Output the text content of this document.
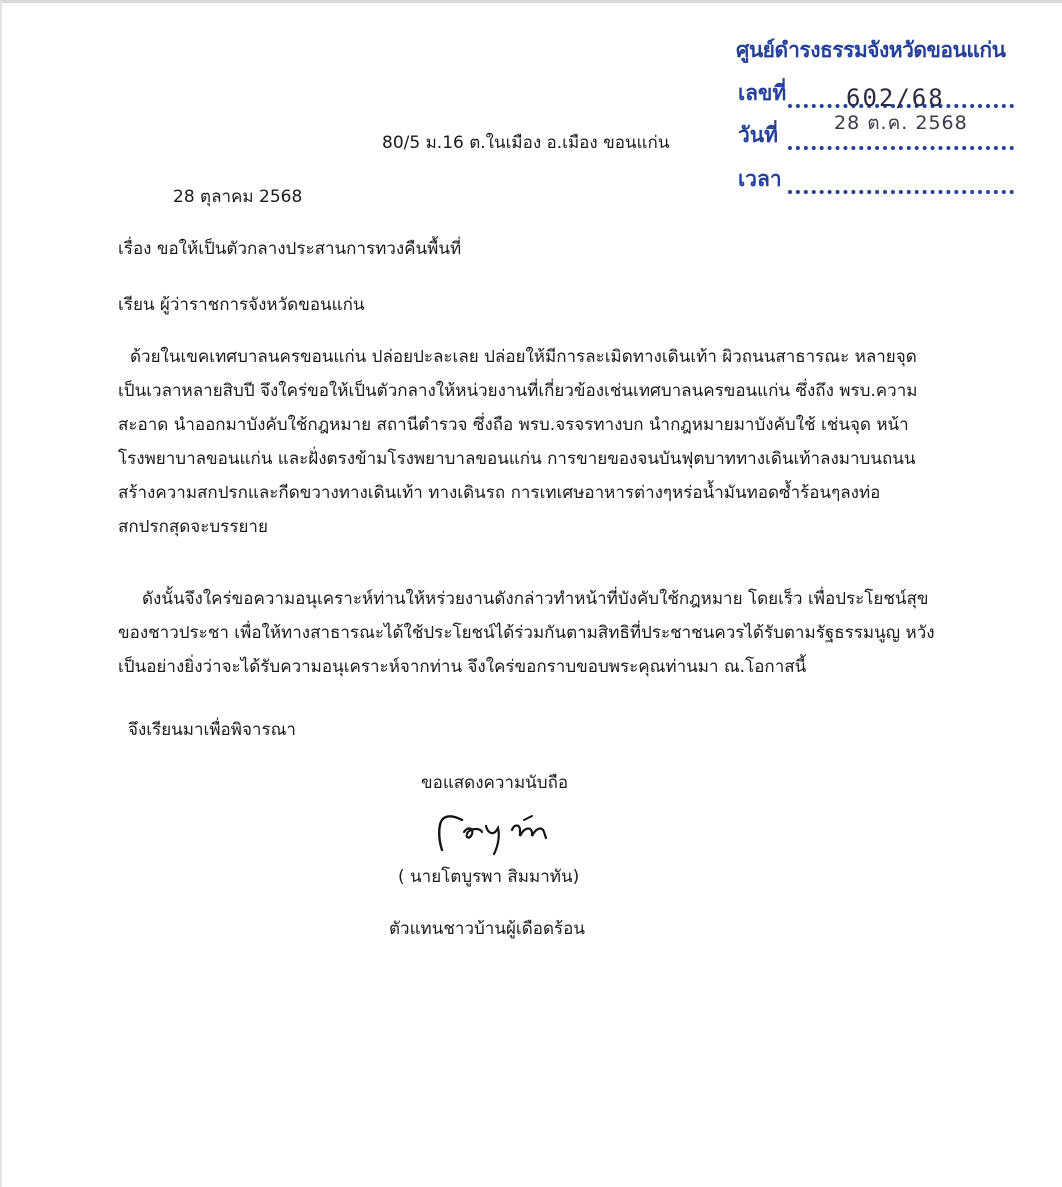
ศูนย์ดำรงธรรมจังหวัดขอนแก่น
เลขที่ 602/68
วันที่	28 ต.ค. 2568
เวลา
80/5 ม.16 ต.ในเมือง อ.เมือง ขอนแก่น
28 ตุลาคม 2568
เรื่อง ขอให้เป็นตัวกลางประสานการทวงคืนพื้นที่
เรียน ผู้ว่าราชการจังหวัดขอนแก่น
ด้วยในเขคเทศบาลนครขอนแก่น ปล่อยปะละเลย ปล่อยให้มีการละเมิดทางเดินเท้า ผิวถนนสาธารณะ หลายจุด
เป็นเวลาหลายสิบปี จึงใคร่ขอให้เป็นตัวกลางให้หน่วยงานที่เกี่ยวข้องเช่นเทศบาลนครขอนแก่น ซึ่งถึง พรบ.ความ
สะอาด นำออกมาบังคับใช้กฎหมาย สถานีตำรวจ ซึ่งถือ พรบ.จรจรทางบก นำกฎหมายมาบังคับใช้ เช่นจุด หน้า
โรงพยาบาลขอนแก่น และฝั่งตรงข้ามโรงพยาบาลขอนแก่น การขายของจนบันฟุตบาททางเดินเท้าลงมาบนถนน
สร้างความสกปรกและกีดขวางทางเดินเท้า ทางเดินรถ การเทเศษอาหารต่างๆหร่อน้ำมันทอดซ้ำร้อนๆลงท่อ
สกปรกสุดจะบรรยาย
ดังนั้นจึงใคร่ขอความอนุเคราะห์ท่านให้หร่วยงานดังกล่าวทำหน้าที่บังคับใช้กฎหมาย โดยเร็ว เพื่อประโยชน์สุข
ของชาวประชา เพื่อให้ทางสาธารณะได้ใช้ประโยชน์ได้ร่วมกันตามสิทธิที่ประชาชนควรได้รับตามรัฐธรรมนูญ หวัง
เป็นอย่างยิ่งว่าจะได้รับความอนุเคราะห์จากท่าน จึงใคร่ขอกราบขอบพระคุณท่านมา ณ.โอกาสนี้
จึงเรียนมาเพื่อพิจารณา
ขอแสดงความนับถือ
( นายโตบูรพา สิมมาทัน)
ตัวแทนชาวบ้านผู้เดือดร้อน
